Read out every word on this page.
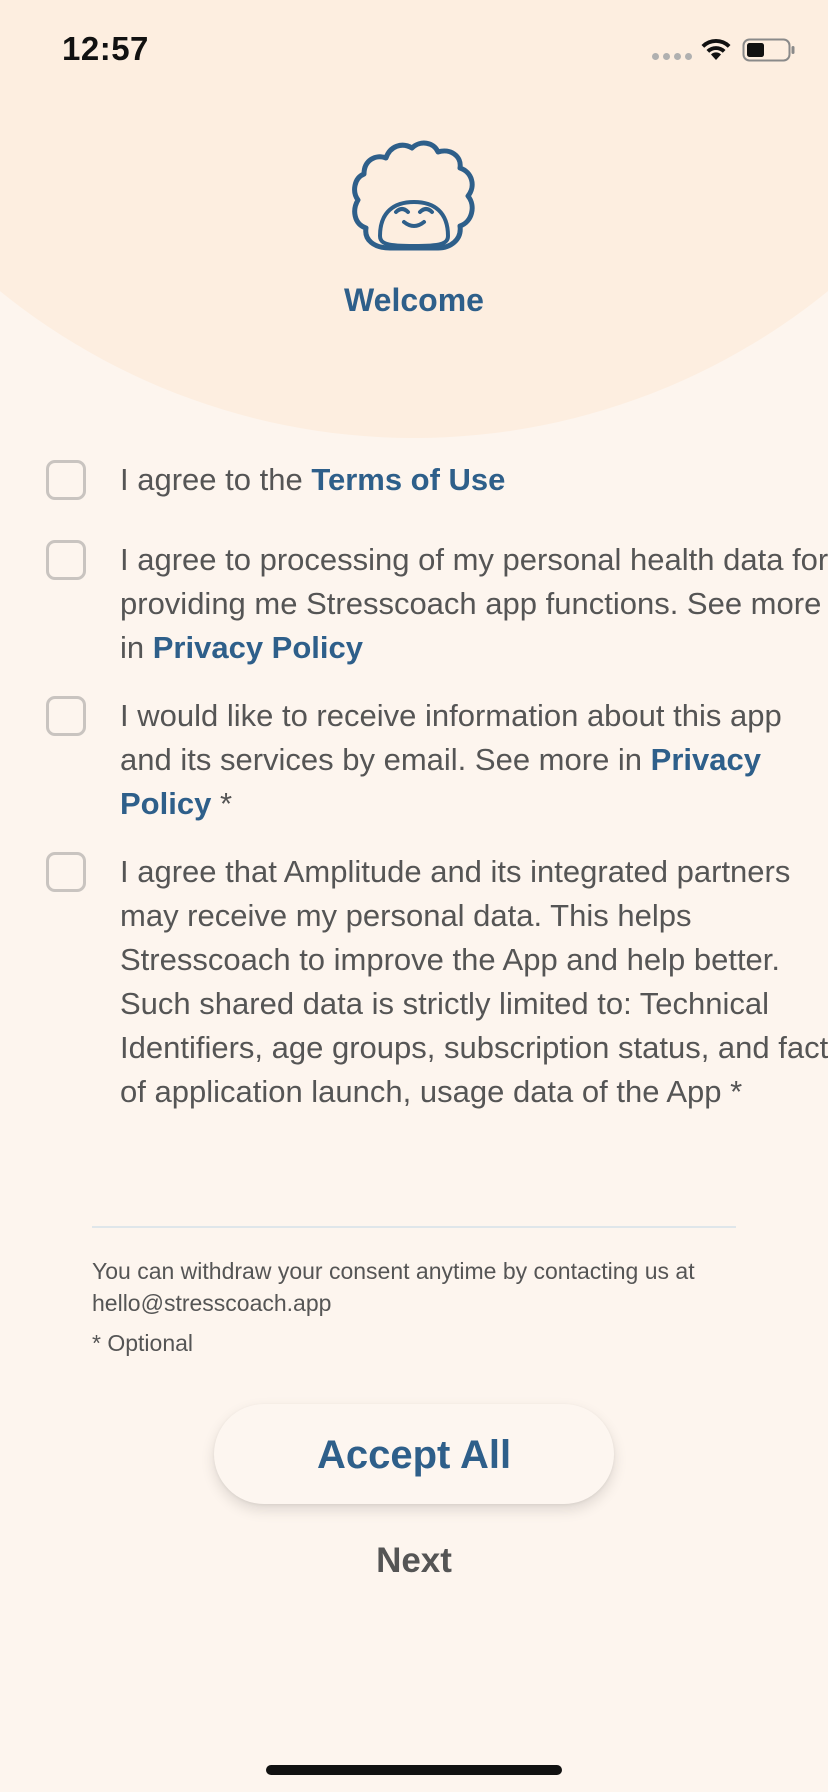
12:57
Welcome
I agree to the Terms of Use
I agree to processing of my personal health data for providing me Stresscoach app functions. See more in Privacy Policy
I would like to receive information about this app and its services by email. See more in Privacy Policy *
I agree that Amplitude and its integrated partners may receive my personal data. This helps Stresscoach to improve the App and help better. Such shared data is strictly limited to: Technical Identifiers, age groups, subscription status, and fact of application launch, usage data of the App *
You can withdraw your consent anytime by contacting us at hello@stresscoach.app
* Optional
Accept All
Next
